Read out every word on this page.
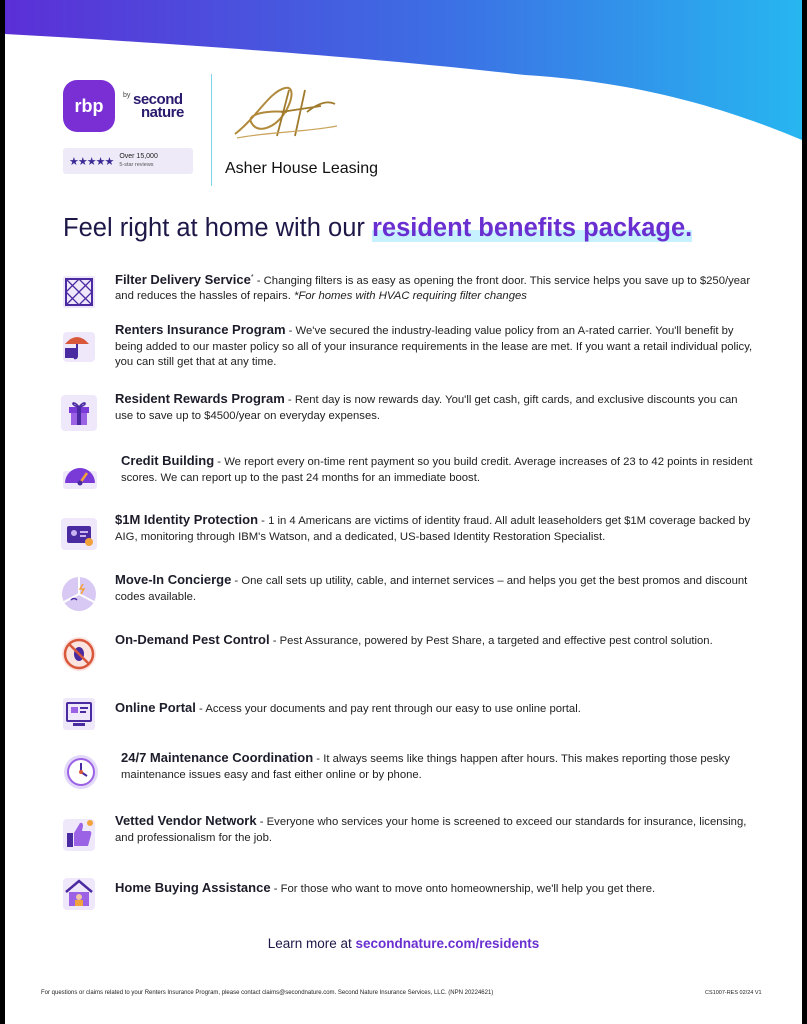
rbp	by second
nature
★★★★★ Over 15,000
5-star reviews	Asher House Leasing
Feel right at home with our resident benefits package.
Filter Delivery Service* - Changing filters is as easy as opening the front door. This service helps you save up to $250/year and reduces the hassles of repairs. *For homes with HVAC requiring filter changes
Renters Insurance Program - We've secured the industry-leading value policy from an A-rated carrier. You'll benefit by being added to our master policy so all of your insurance requirements in the lease are met. If you want a retail individual policy, you can still get that at any time.
Resident Rewards Program - Rent day is now rewards day. You'll get cash, gift cards, and exclusive discounts you can use to save up to $4500/year on everyday expenses.
Credit Building - We report every on-time rent payment so you build credit. Average increases of 23 to 42 points in resident scores. We can report up to the past 24 months for an immediate boost.
$1M Identity Protection - 1 in 4 Americans are victims of identity fraud. All adult leaseholders get $1M coverage backed by AIG, monitoring through IBM's Watson, and a dedicated, US-based Identity Restoration Specialist.
Move-In Concierge - One call sets up utility, cable, and internet services – and helps you get the best promos and discount codes available.
On-Demand Pest Control - Pest Assurance, powered by Pest Share, a targeted and effective pest control solution.
Online Portal - Access your documents and pay rent through our easy to use online portal.
24/7 Maintenance Coordination - It always seems like things happen after hours. This makes reporting those pesky maintenance issues easy and fast either online or by phone.
Vetted Vendor Network - Everyone who services your home is screened to exceed our standards for insurance, licensing, and professionalism for the job.
Home Buying Assistance - For those who want to move onto homeownership, we'll help you get there.
Learn more at secondnature.com/residents
For questions or claims related to your Renters Insurance Program, please contact claims@secondnature.com. Second Nature Insurance Services, LLC. (NPN 20224621)	CS1007-RES 02/24 V1
